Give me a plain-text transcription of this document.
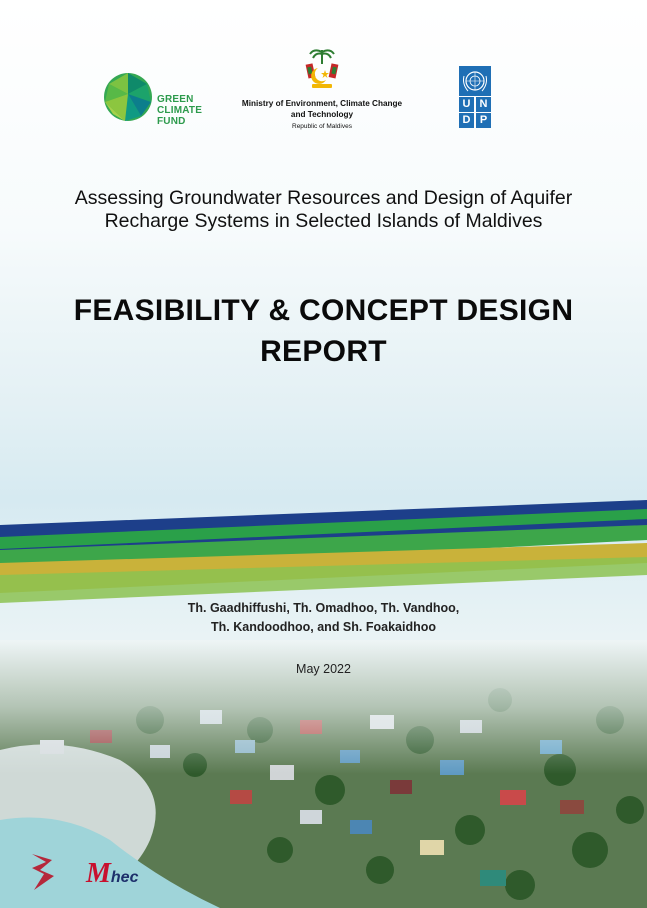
GREEN
CLIMATE
FUND
Ministry of Environment, Climate Change
and Technology
Republic of Maldives
U N
D P
Assessing Groundwater Resources and Design of Aquifer
Recharge Systems in Selected Islands of Maldives
FEASIBILITY & CONCEPT DESIGN
REPORT
Th. Gaadhiffushi, Th. Omadhoo, Th. Vandhoo,
Th. Kandoodhoo, and Sh. Foakaidhoo
May 2022
Mhec
